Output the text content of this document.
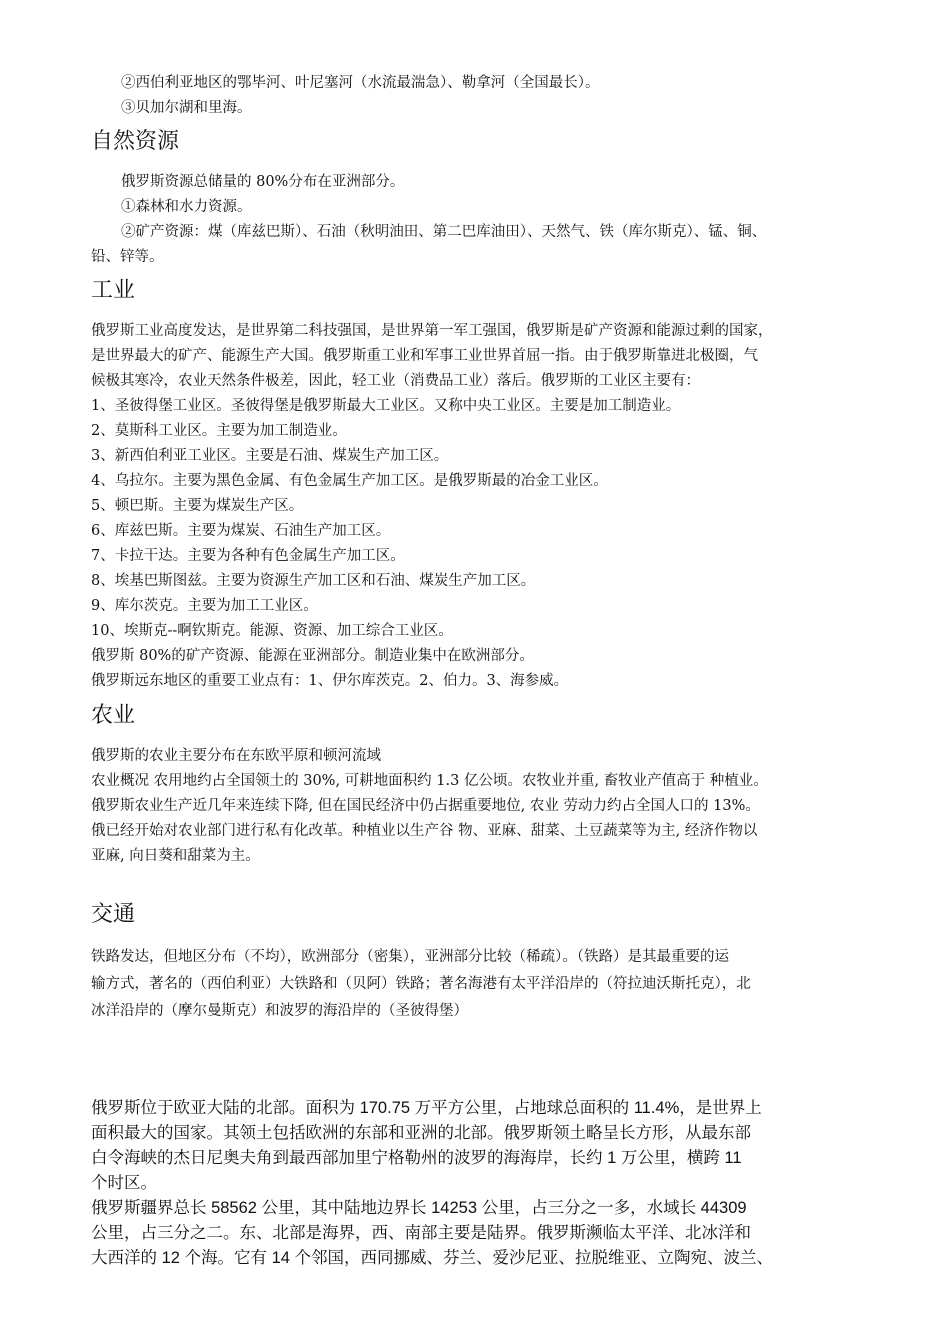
②西伯利亚地区的鄂毕河、叶尼塞河（水流最湍急）、勒拿河（全国最长）。
③贝加尔湖和里海。
自然资源
俄罗斯资源总储量的 80%分布在亚洲部分。
①森林和水力资源。
②矿产资源：煤（库兹巴斯）、石油（秋明油田、第二巴库油田）、天然气、铁（库尔斯克）、锰、铜、
铅、锌等。
工业
俄罗斯工业高度发达，是世界第二科技强国，是世界第一军工强国，俄罗斯是矿产资源和能源过剩的国家，
是世界最大的矿产、能源生产大国。俄罗斯重工业和军事工业世界首屈一指。由于俄罗斯靠进北极圈，气
候极其寒冷，农业天然条件极差，因此，轻工业（消费品工业）落后。俄罗斯的工业区主要有：
1、圣彼得堡工业区。圣彼得堡是俄罗斯最大工业区。又称中央工业区。主要是加工制造业。
2、莫斯科工业区。主要为加工制造业。
3、新西伯利亚工业区。主要是石油、煤炭生产加工区。
4、乌拉尔。主要为黑色金属、有色金属生产加工区。是俄罗斯最的冶金工业区。
5、顿巴斯。主要为煤炭生产区。
6、库兹巴斯。主要为煤炭、石油生产加工区。
7、卡拉干达。主要为各种有色金属生产加工区。
8、埃基巴斯图兹。主要为资源生产加工区和石油、煤炭生产加工区。
9、库尔茨克。主要为加工工业区。
10、埃斯克--啊钦斯克。能源、资源、加工综合工业区。
俄罗斯 80%的矿产资源、能源在亚洲部分。制造业集中在欧洲部分。
俄罗斯远东地区的重要工业点有：1、伊尔库茨克。2、伯力。3、海参威。
农业
俄罗斯的农业主要分布在东欧平原和顿河流域
农业概况 农用地约占全国领土的 30%, 可耕地面积约 1.3 亿公顷。农牧业并重, 畜牧业产值高于 种植业。
俄罗斯农业生产近几年来连续下降, 但在国民经济中仍占据重要地位, 农业 劳动力约占全国人口的 13%。
俄已经开始对农业部门进行私有化改革。种植业以生产谷 物、亚麻、甜菜、土豆蔬菜等为主, 经济作物以
亚麻, 向日葵和甜菜为主。
交通
铁路发达，但地区分布（不均），欧洲部分（密集），亚洲部分比较（稀疏）。（铁路）是其最重要的运
输方式，著名的（西伯利亚）大铁路和（贝阿）铁路；著名海港有太平洋沿岸的（符拉迪沃斯托克），北
冰洋沿岸的（摩尔曼斯克）和波罗的海沿岸的（圣彼得堡）
俄罗斯位于欧亚大陆的北部。面积为 170.75 万平方公里，占地球总面积的 11.4%，是世界上
面积最大的国家。其领土包括欧洲的东部和亚洲的北部。俄罗斯领土略呈长方形，从最东部
白令海峡的杰日尼奥夫角到最西部加里宁格勒州的波罗的海海岸，长约 1 万公里，横跨 11
个时区。
俄罗斯疆界总长 58562 公里，其中陆地边界长 14253 公里，占三分之一多，水域长 44309
公里，占三分之二。东、北部是海界，西、南部主要是陆界。俄罗斯濒临太平洋、北冰洋和
大西洋的 12 个海。它有 14 个邻国，西同挪威、芬兰、爱沙尼亚、拉脱维亚、立陶宛、波兰、
